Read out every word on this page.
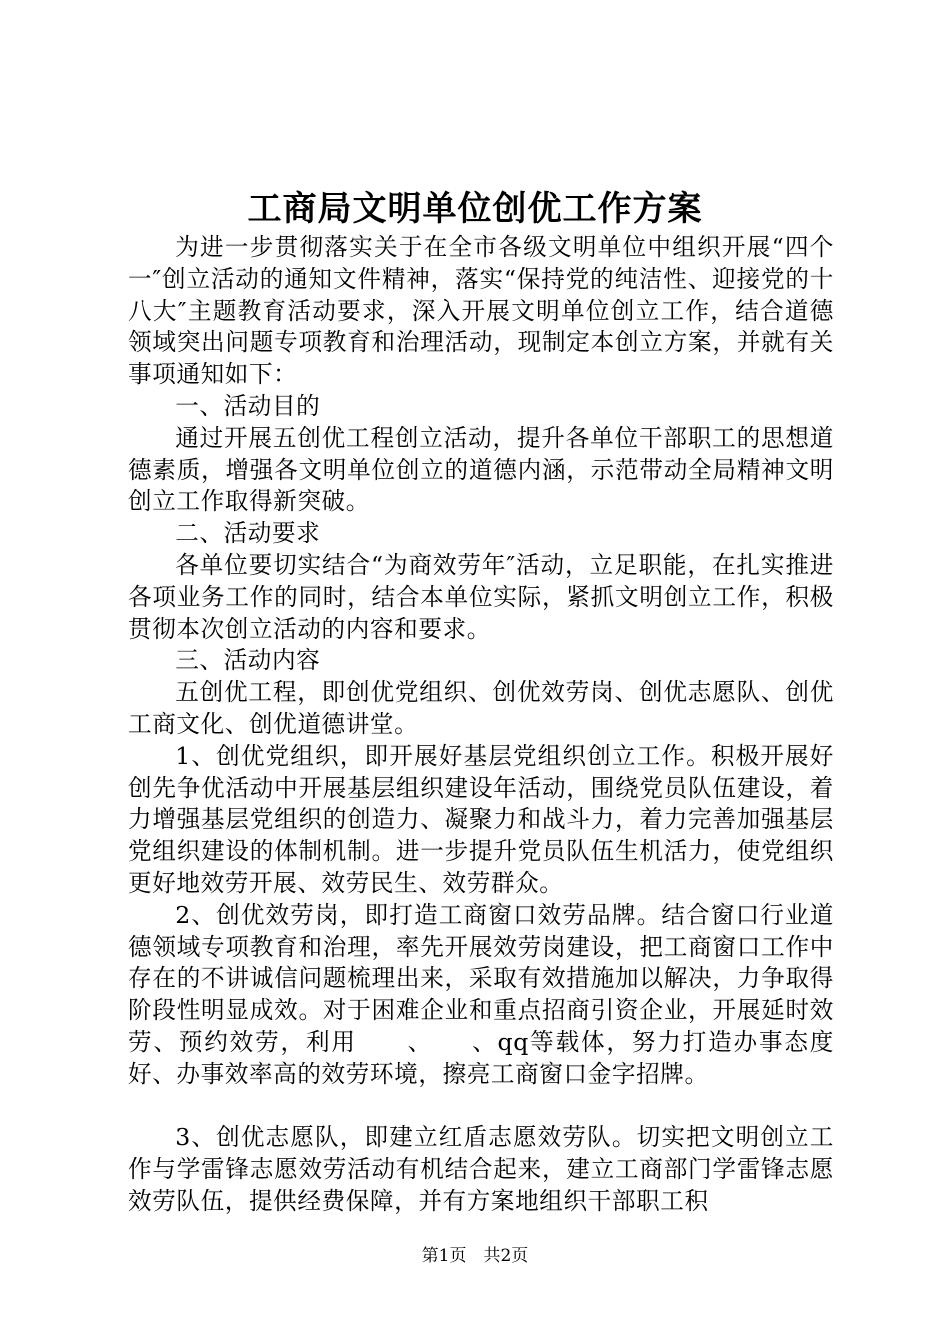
工商局文明单位创优工作方案

为进一步贯彻落实关于在全市各级文明单位中组织开展“四个一″创立活动的通知文件精神，落实“保持党的纯洁性、迎接党的十八大″主题教育活动要求，深入开展文明单位创立工作，结合道德领域突出问题专项教育和治理活动，现制定本创立方案，并就有关事项通知如下：

一、活动目的

通过开展五创优工程创立活动，提升各单位干部职工的思想道德素质，增强各文明单位创立的道德内涵，示范带动全局精神文明创立工作取得新突破。

二、活动要求

各单位要切实结合“为商效劳年″活动，立足职能，在扎实推进各项业务工作的同时，结合本单位实际，紧抓文明创立工作，积极贯彻本次创立活动的内容和要求。

三、活动内容

五创优工程，即创优党组织、创优效劳岗、创优志愿队、创优工商文化、创优道德讲堂。

1、创优党组织，即开展好基层党组织创立工作。积极开展好创先争优活动中开展基层组织建设年活动，围绕党员队伍建设，着力增强基层党组织的创造力、凝聚力和战斗力，着力完善加强基层党组织建设的体制机制。进一步提升党员队伍生机活力，使党组织更好地效劳开展、效劳民生、效劳群众。

2、创优效劳岗，即打造工商窗口效劳品牌。结合窗口行业道德领域专项教育和治理，率先开展效劳岗建设，把工商窗口工作中存在的不讲诚信问题梳理出来，采取有效措施加以解决，力争取得阶段性明显成效。对于困难企业和重点招商引资企业，开展延时效劳、预约效劳，利用　　、　　、qq等载体，努力打造办事态度好、办事效率高的效劳环境，擦亮工商窗口金字招牌。

3、创优志愿队，即建立红盾志愿效劳队。切实把文明创立工作与学雷锋志愿效劳活动有机结合起来，建立工商部门学雷锋志愿效劳队伍，提供经费保障，并有方案地组织干部职工积

第1页　共2页
